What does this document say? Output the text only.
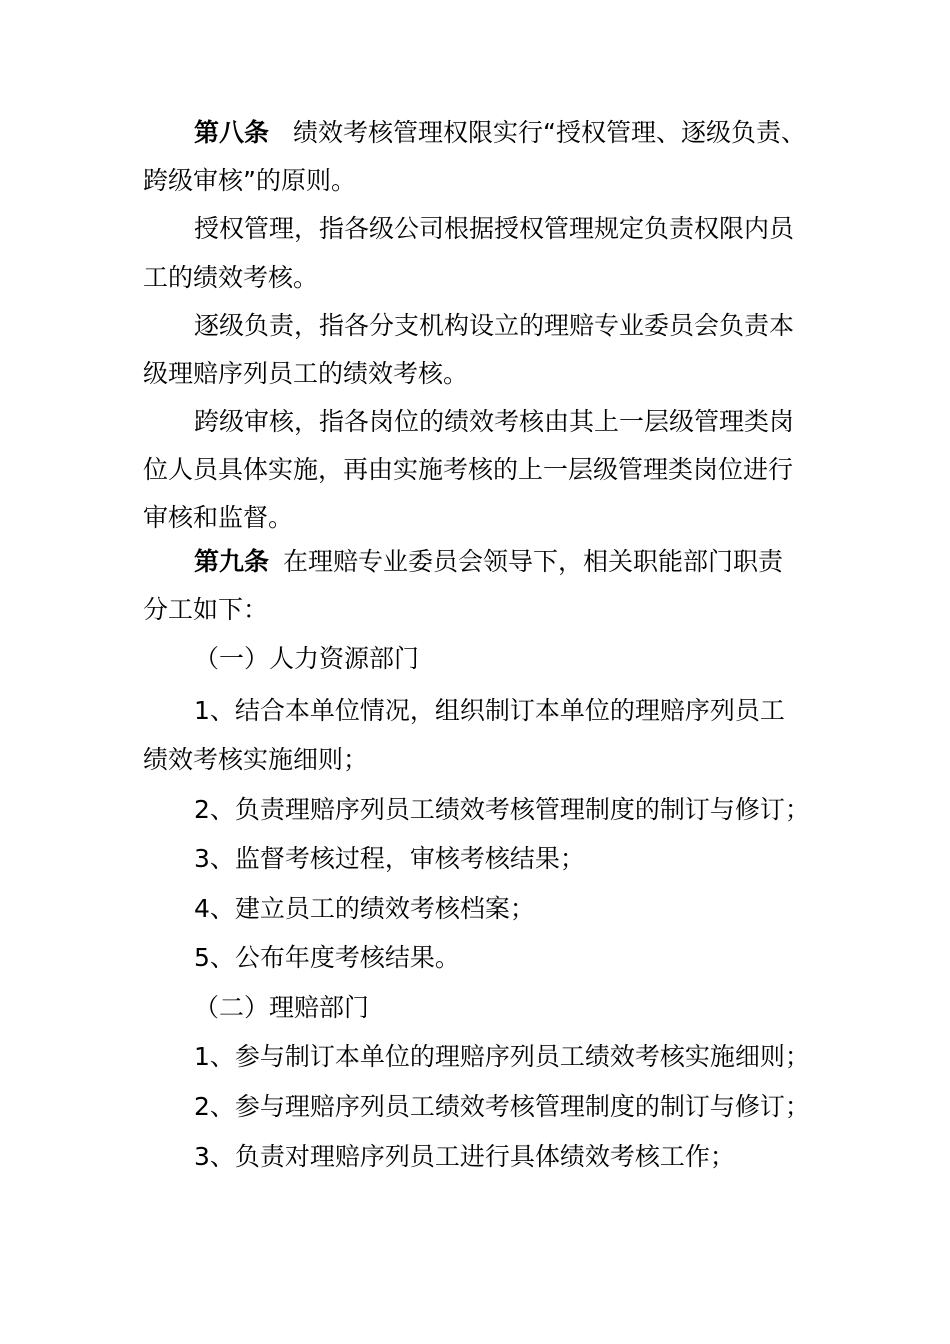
第八条 绩效考核管理权限实行“授权管理、逐级负责、
跨级审核”的原则。
授权管理，指各级公司根据授权管理规定负责权限内员
工的绩效考核。
逐级负责，指各分支机构设立的理赔专业委员会负责本
级理赔序列员工的绩效考核。
跨级审核，指各岗位的绩效考核由其上一层级管理类岗
位人员具体实施，再由实施考核的上一层级管理类岗位进行
审核和监督。
第九条 在理赔专业委员会领导下，相关职能部门职责
分工如下：
（一）人力资源部门
1、结合本单位情况，组织制订本单位的理赔序列员工
绩效考核实施细则；
2、负责理赔序列员工绩效考核管理制度的制订与修订；
3、监督考核过程，审核考核结果；
4、建立员工的绩效考核档案；
5、公布年度考核结果。
（二）理赔部门
1、参与制订本单位的理赔序列员工绩效考核实施细则；
2、参与理赔序列员工绩效考核管理制度的制订与修订；
3、负责对理赔序列员工进行具体绩效考核工作；
